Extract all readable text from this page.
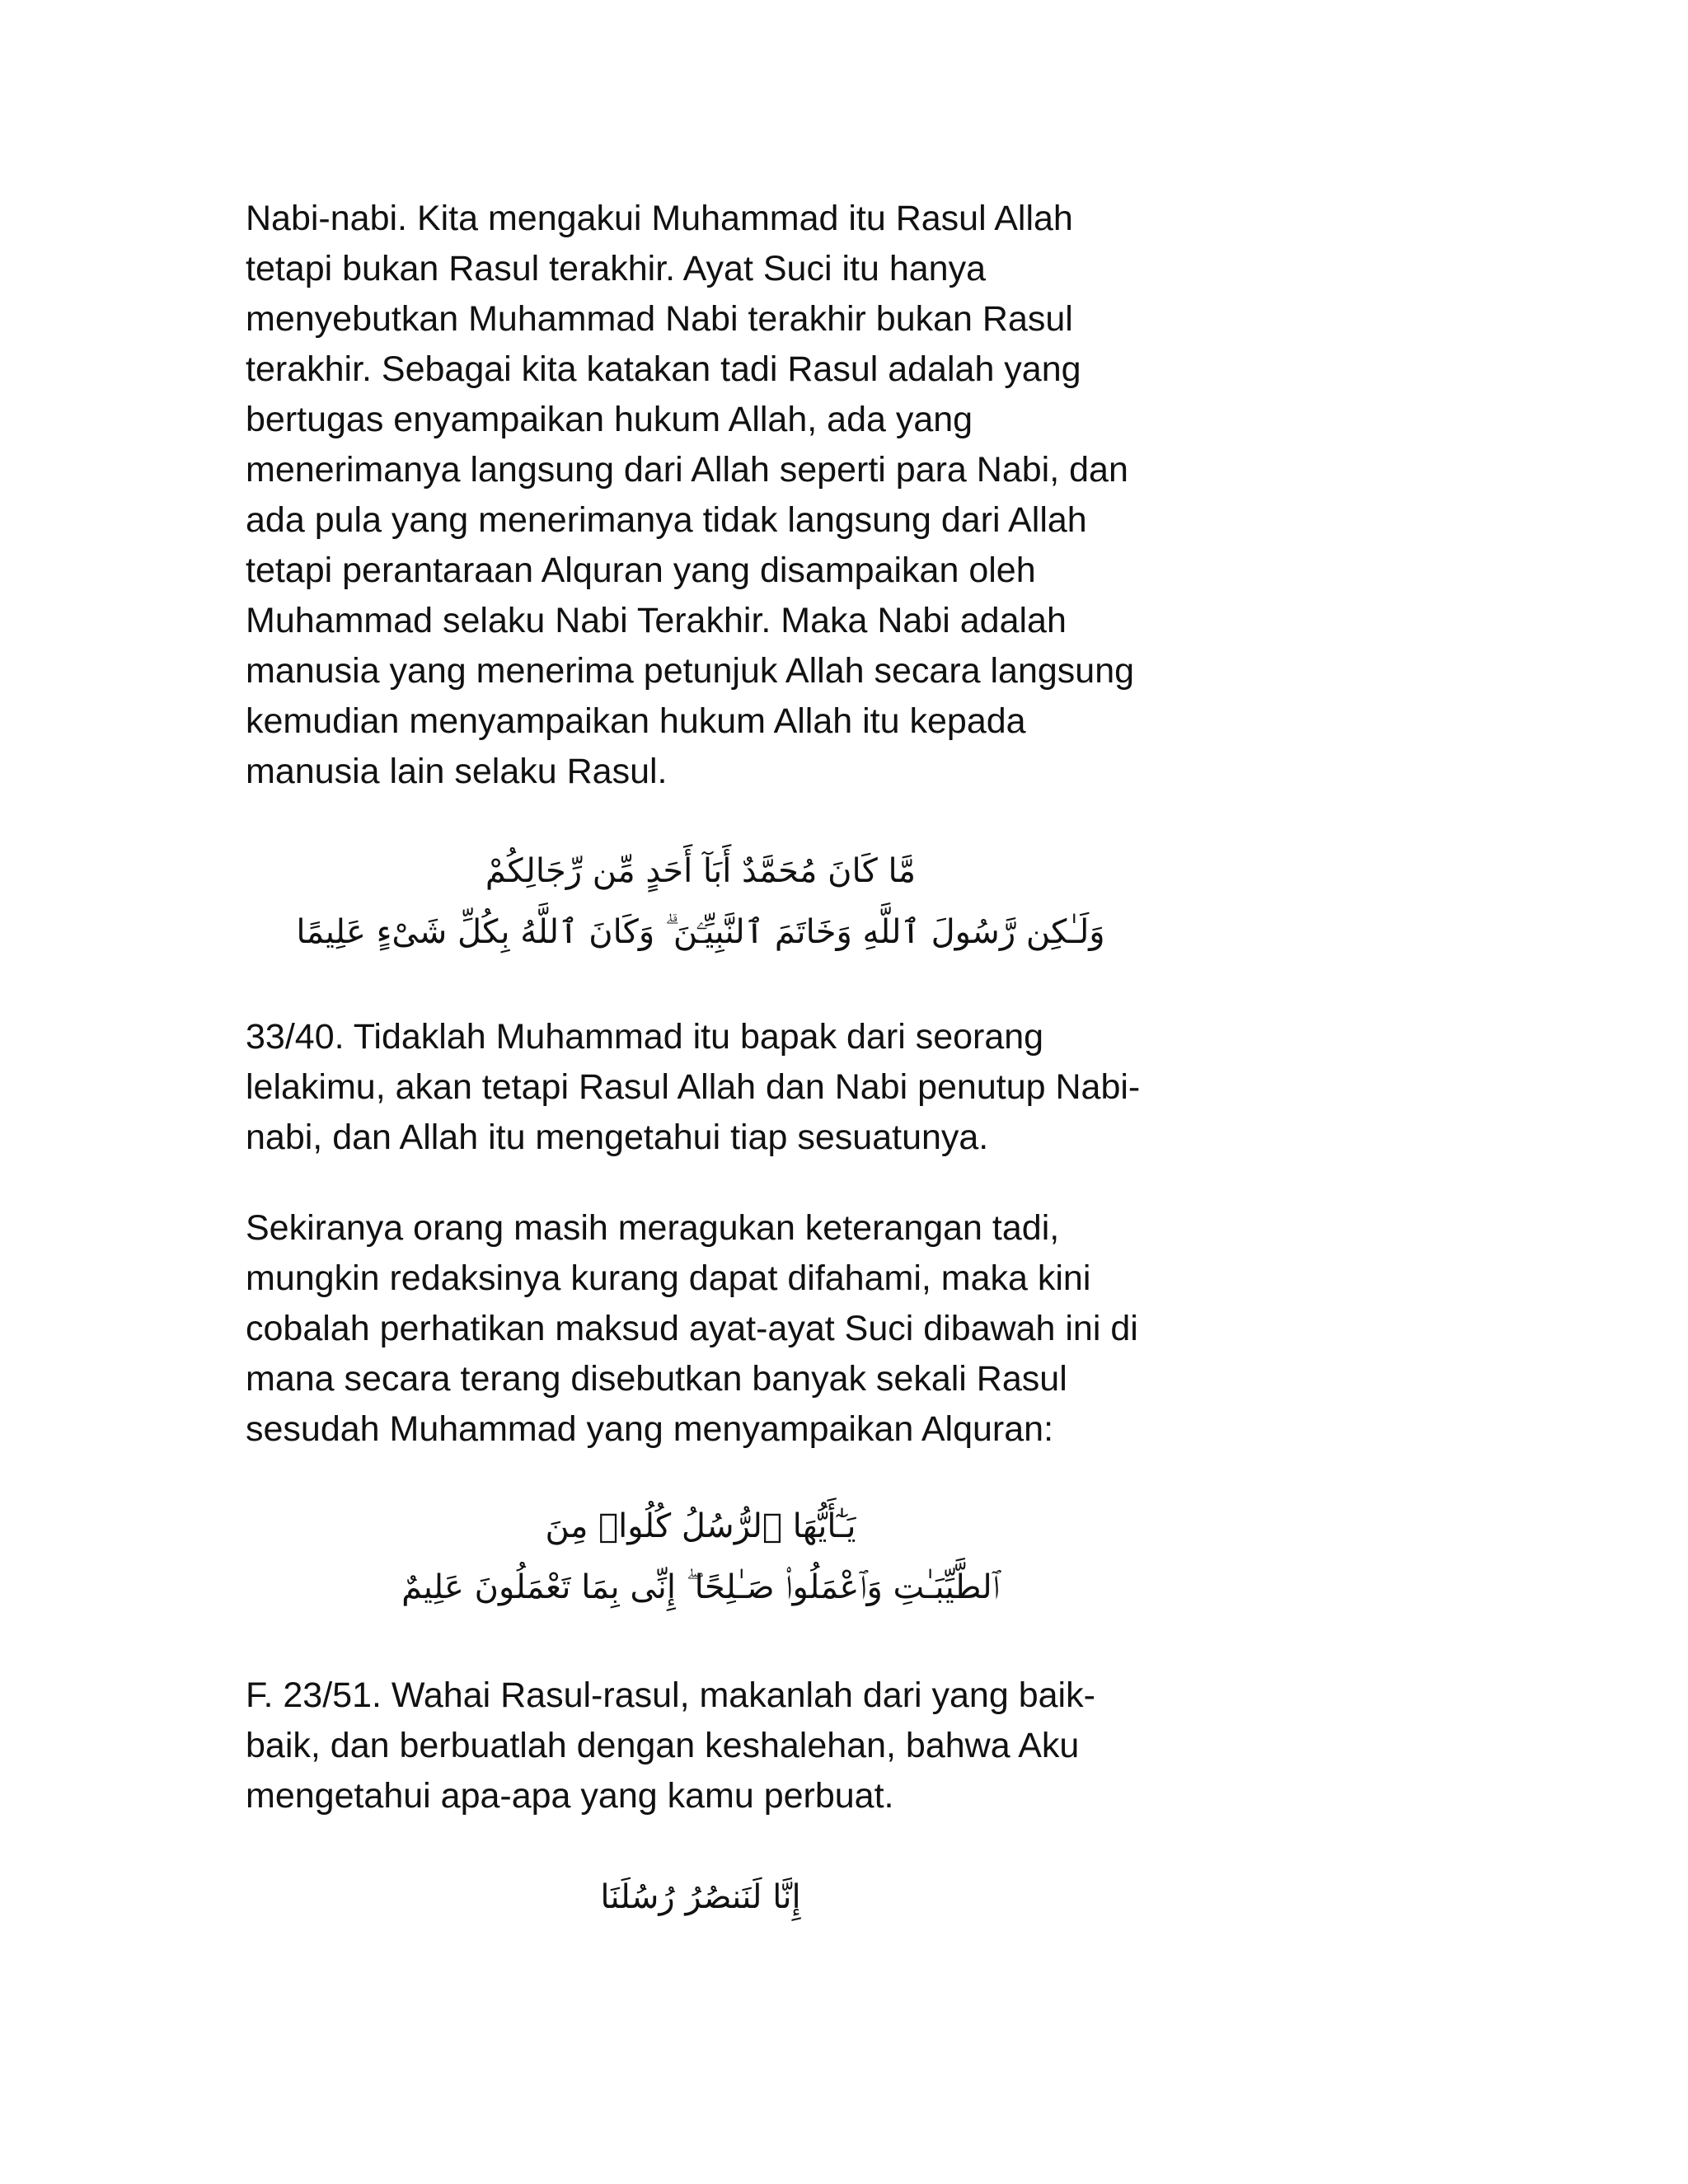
Nabi-nabi. Kita mengakui Muhammad itu Rasul Allah
tetapi bukan Rasul terakhir. Ayat Suci itu hanya
menyebutkan Muhammad Nabi terakhir bukan Rasul
terakhir. Sebagai kita katakan tadi Rasul adalah yang
bertugas enyampaikan hukum Allah, ada yang
menerimanya langsung dari Allah seperti para Nabi, dan
ada pula yang menerimanya tidak langsung dari Allah
tetapi perantaraan Alquran yang disampaikan oleh
Muhammad selaku Nabi Terakhir. Maka Nabi adalah
manusia yang menerima petunjuk Allah secara langsung
kemudian menyampaikan hukum Allah itu kepada
manusia lain selaku Rasul.

مَّا كَانَ مُحَمَّدٌ أَبَآ أَحَدٍ مِّن رِّجَالِكُمْ
وَلَـٰكِن رَّسُولَ ٱللَّهِ وَخَاتَمَ ٱلنَّبِيِّـۧنَ ۗ وَكَانَ ٱللَّهُ بِكُلِّ شَىْءٍ عَلِيمًا

33/40. Tidaklah Muhammad itu bapak dari seorang
lelakimu, akan tetapi Rasul Allah dan Nabi penutup Nabi-
nabi, dan Allah itu mengetahui tiap sesuatunya.

Sekiranya orang masih meragukan keterangan tadi,
mungkin redaksinya kurang dapat difahami, maka kini
cobalah perhatikan maksud ayat-ayat Suci dibawah ini di
mana secara terang disebutkan banyak sekali Rasul
sesudah Muhammad yang menyampaikan Alquran:

يَـٰٓأَيُّهَا ٱلرُّسُلُ كُلُوا۟ مِنَ
ٱلطَّيِّبَـٰتِ وَٱعْمَلُوا۟ صَـٰلِحًا ۖ إِنِّى بِمَا تَعْمَلُونَ عَلِيمٌ

F. 23/51. Wahai Rasul-rasul, makanlah dari yang baik-
baik, dan berbuatlah dengan keshalehan, bahwa Aku
mengetahui apa-apa yang kamu perbuat.

إِنَّا لَنَنصُرُ رُسُلَنَا
